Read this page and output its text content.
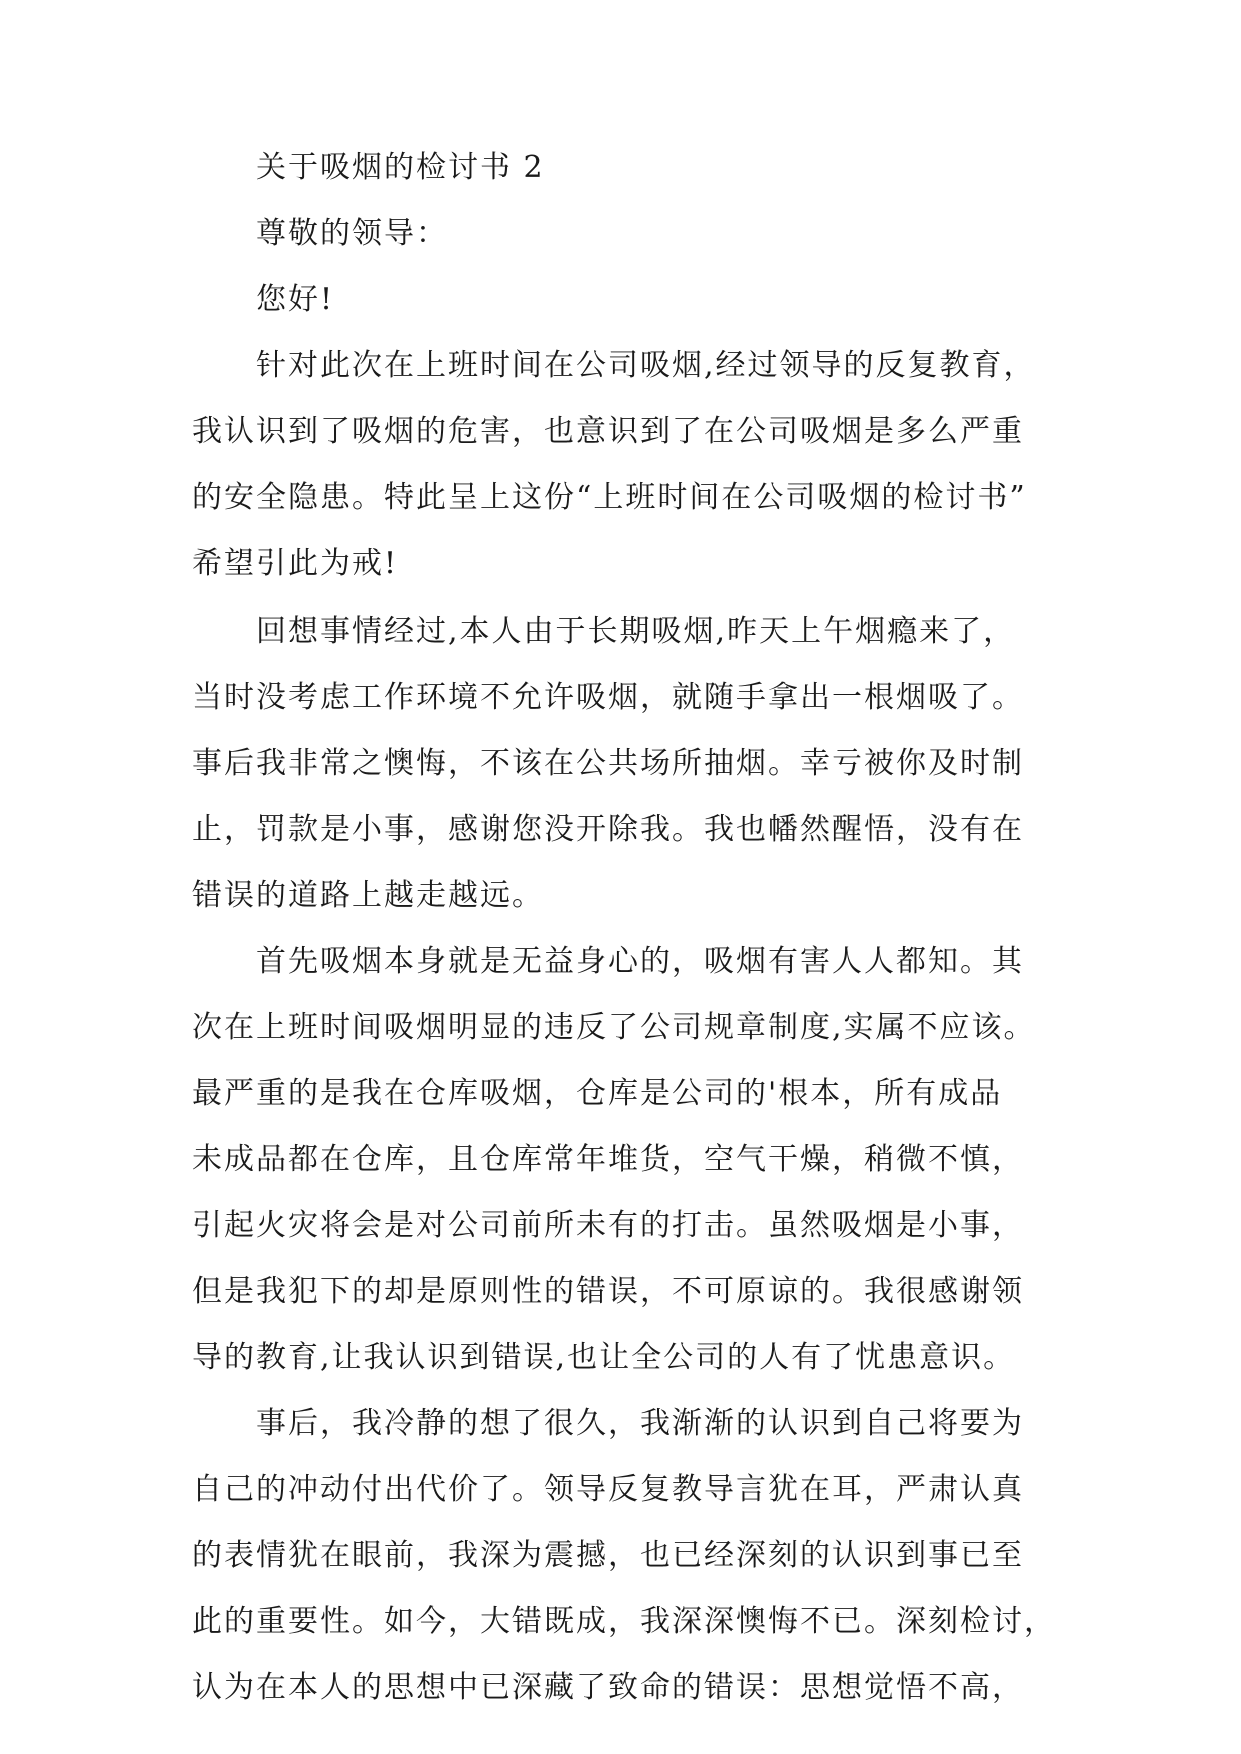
关于吸烟的检讨书 2
尊敬的领导：
您好!
针对此次在上班时间在公司吸烟,经过领导的反复教育，
我认识到了吸烟的危害，也意识到了在公司吸烟是多么严重
的安全隐患。特此呈上这份“上班时间在公司吸烟的检讨书”
希望引此为戒!
回想事情经过,本人由于长期吸烟,昨天上午烟瘾来了，
当时没考虑工作环境不允许吸烟，就随手拿出一根烟吸了。
事后我非常之懊悔，不该在公共场所抽烟。幸亏被你及时制
止，罚款是小事，感谢您没开除我。我也幡然醒悟，没有在
错误的道路上越走越远。
首先吸烟本身就是无益身心的，吸烟有害人人都知。其
次在上班时间吸烟明显的违反了公司规章制度,实属不应该。
最严重的是我在仓库吸烟，仓库是公司的'根本，所有成品
未成品都在仓库，且仓库常年堆货，空气干燥，稍微不慎，
引起火灾将会是对公司前所未有的打击。虽然吸烟是小事，
但是我犯下的却是原则性的错误，不可原谅的。我很感谢领
导的教育,让我认识到错误,也让全公司的人有了忧患意识。
事后，我冷静的想了很久，我渐渐的认识到自己将要为
自己的冲动付出代价了。领导反复教导言犹在耳，严肃认真
的表情犹在眼前，我深为震撼，也已经深刻的认识到事已至
此的重要性。如今，大错既成，我深深懊悔不已。深刻检讨，
认为在本人的思想中已深藏了致命的错误：思想觉悟不高，
